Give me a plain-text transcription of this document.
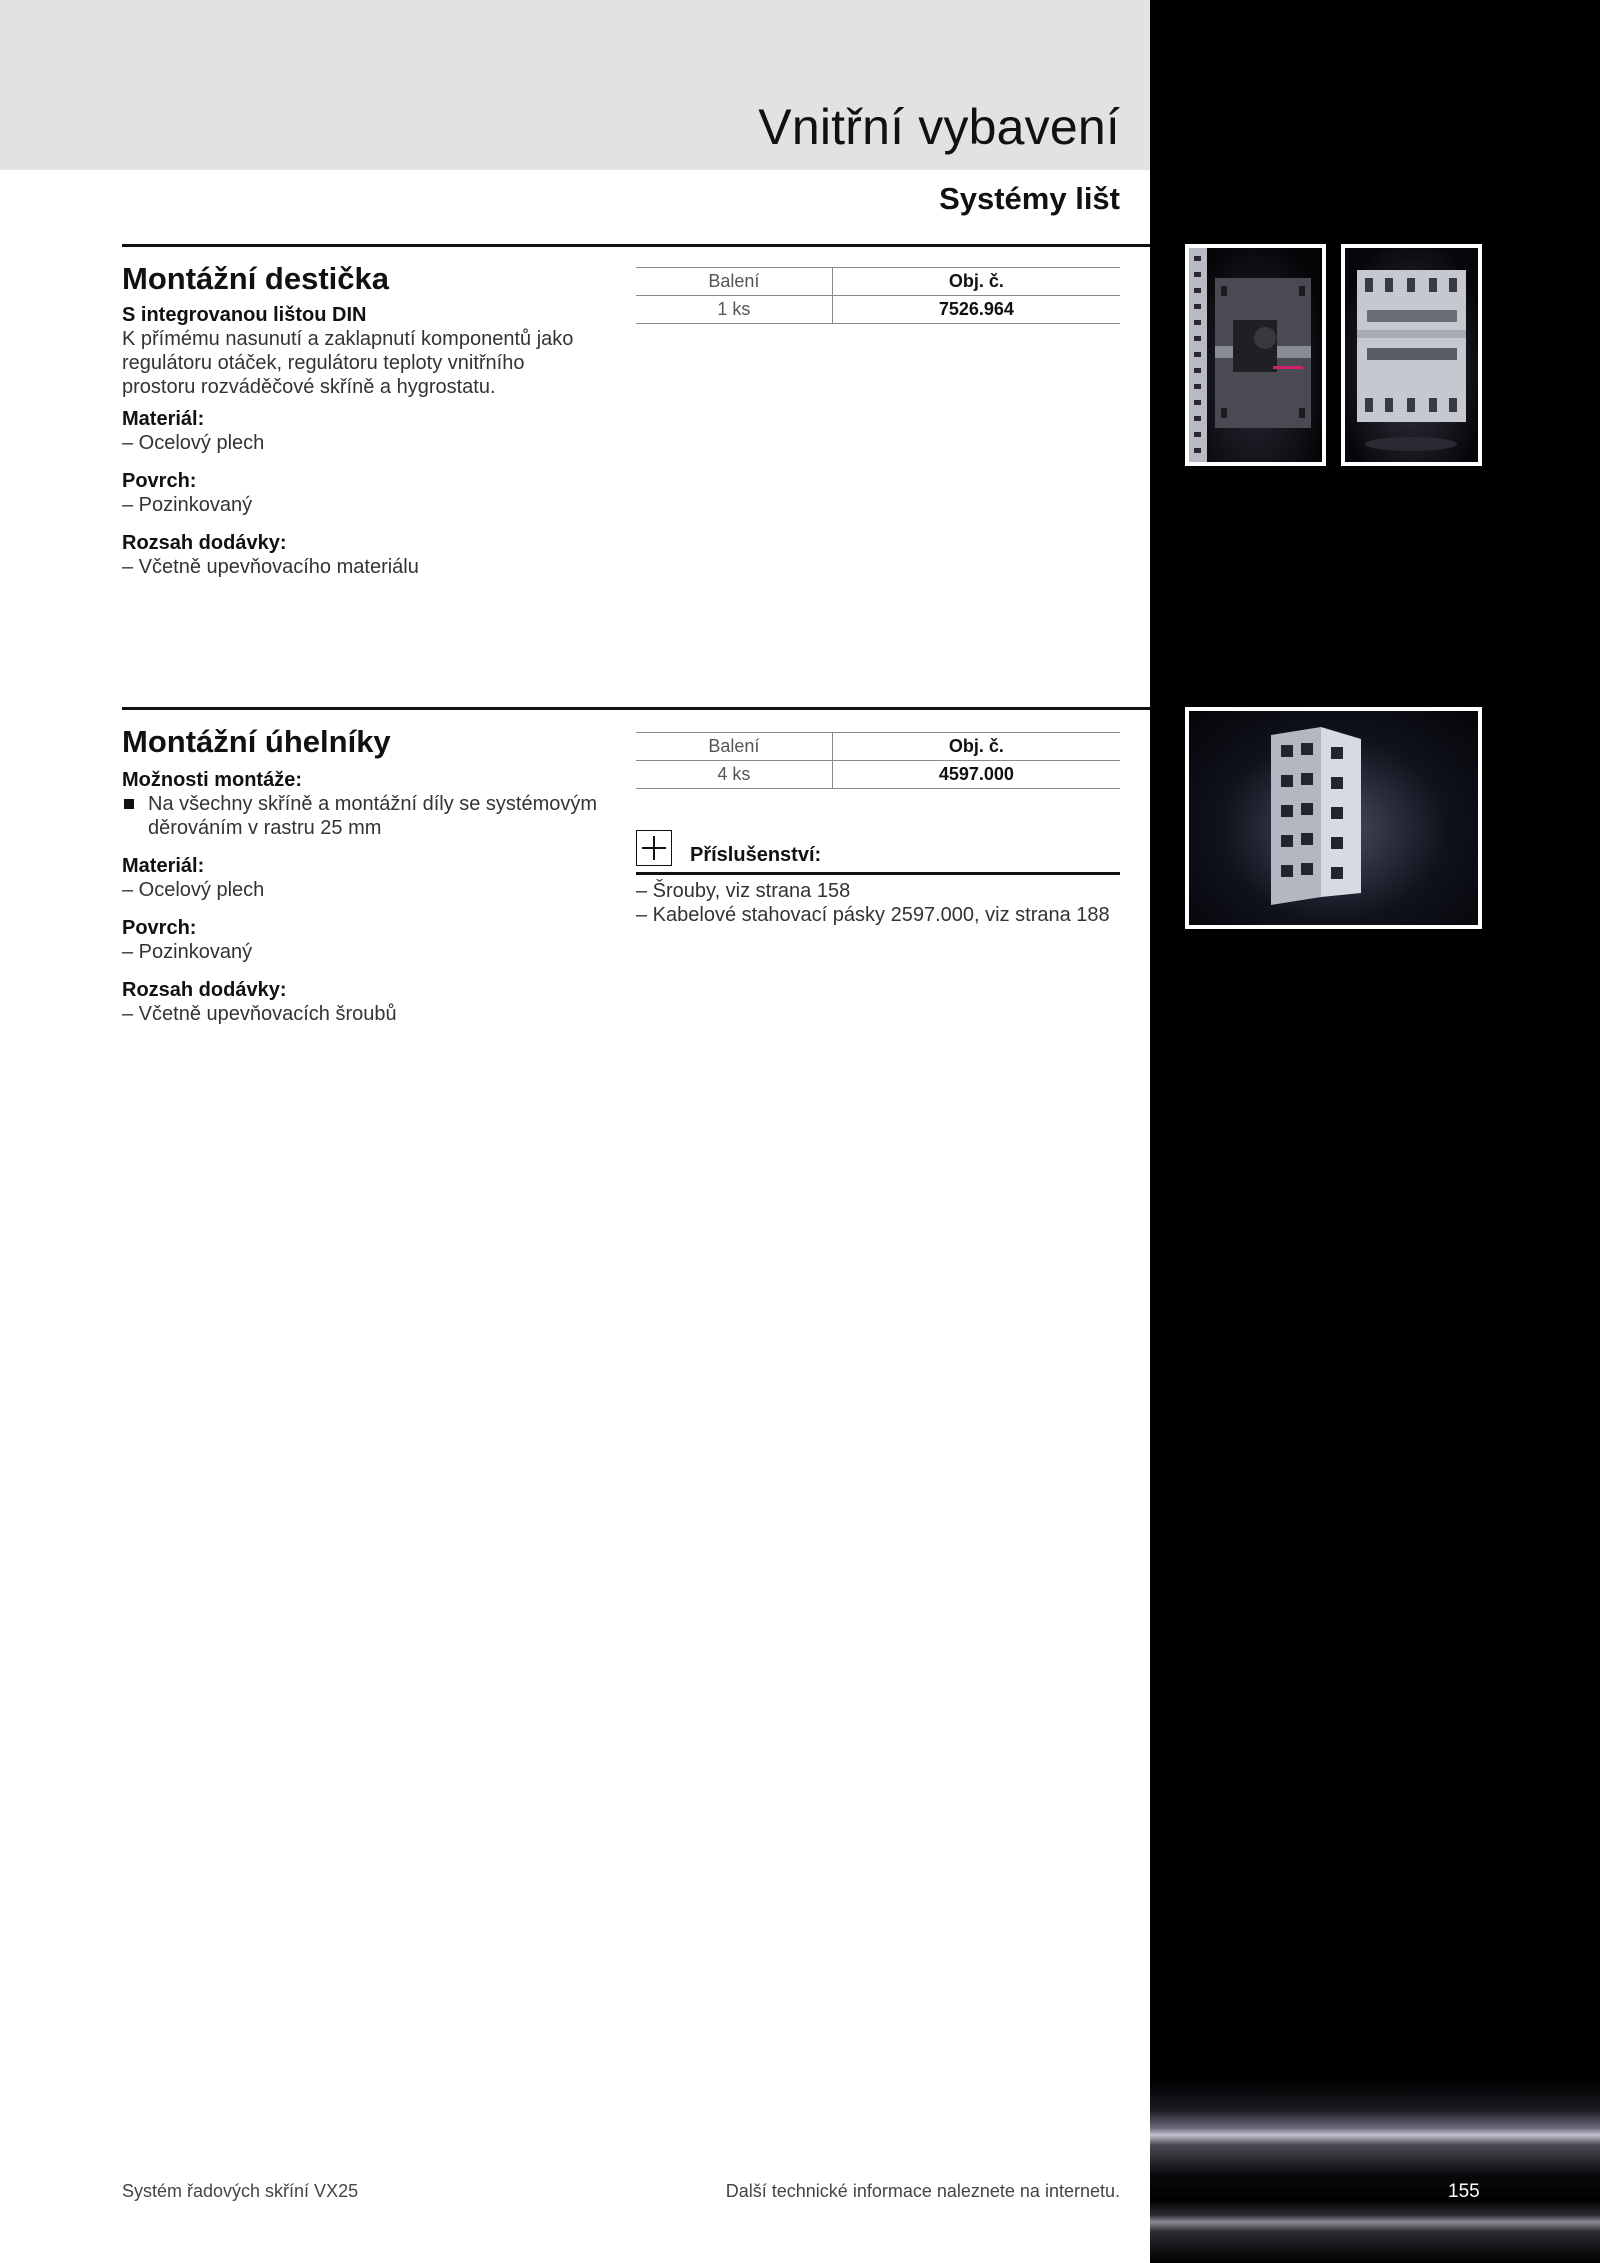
Vnitřní vybavení
Systémy lišt
Montážní destička

S integrovanou lištou DIN

K přímému nasunutí a zaklapnutí komponentů jako regulátoru otáček, regulátoru teploty vnitřního prostoru rozváděčové skříně a hygrostatu.

Materiál:

– Ocelový plech

Povrch:

– Pozinkovaný

Rozsah dodávky:

– Včetně upevňovacího materiálu

Balení	Obj. č.
1 ks	7526.964
Montážní úhelníky

Možnosti montáže:

Na všechny skříně a montážní díly se systémovým děrováním v rastru 25 mm

Materiál:

– Ocelový plech

Povrch:

– Pozinkovaný

Rozsah dodávky:

– Včetně upevňovacích šroubů

Balení	Obj. č.
4 ks	4597.000
Příslušenství:

– Šrouby, viz strana 158

– Kabelové stahovací pásky 2597.000, viz strana 188

Systém řadových skříní VX25	Další technické informace naleznete na internetu.	155
